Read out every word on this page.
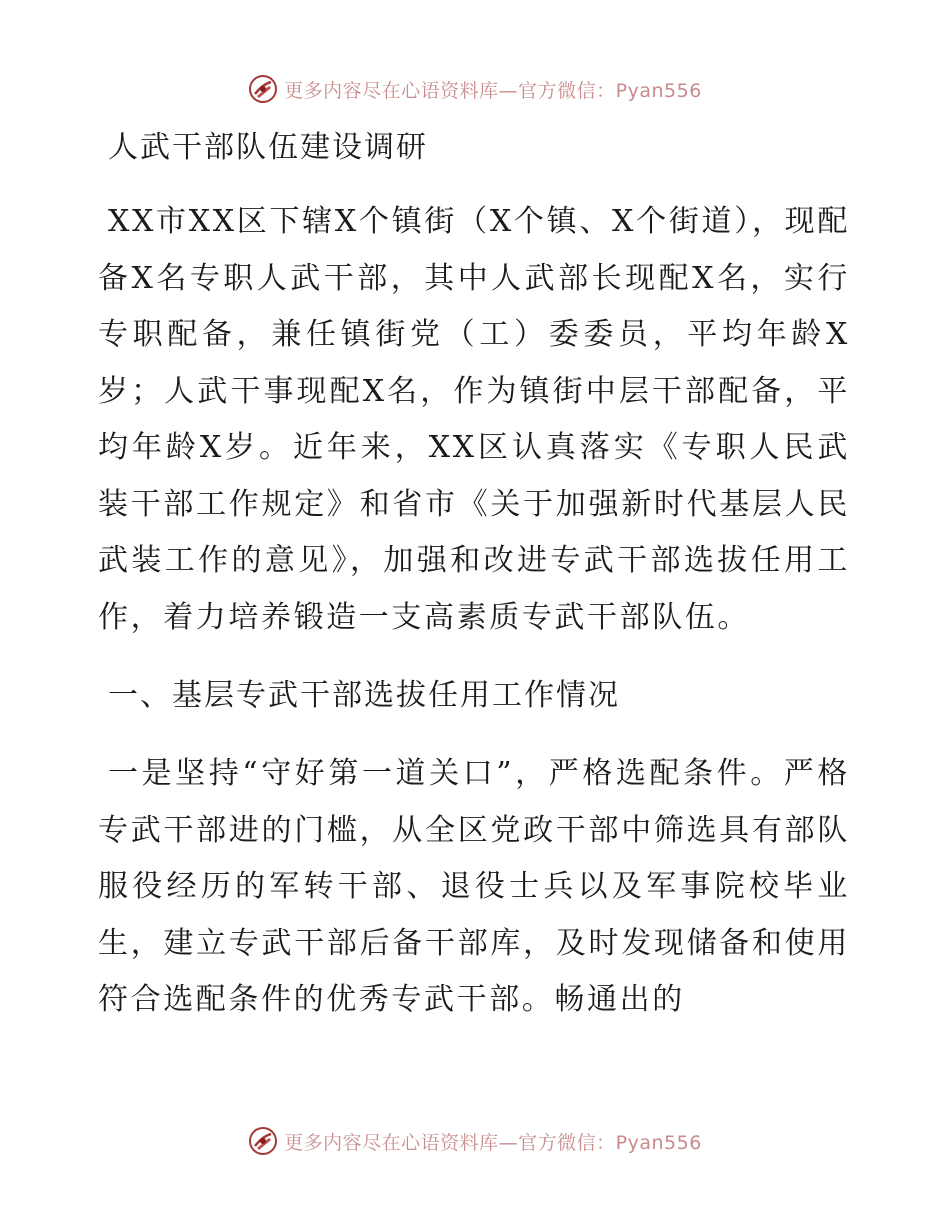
更多内容尽在心语资料库—官方微信：Pyan556
人武干部队伍建设调研

XX市XX区下辖X个镇街（X个镇、X个街道），现配备X名专职人武干部，其中人武部长现配X名，实行专职配备，兼任镇街党（工）委委员，平均年龄X岁；人武干事现配X名，作为镇街中层干部配备，平均年龄X岁。近年来，XX区认真落实《专职人民武装干部工作规定》和省市《关于加强新时代基层人民武装工作的意见》，加强和改进专武干部选拔任用工作，着力培养锻造一支高素质专武干部队伍。

一、基层专武干部选拔任用工作情况

一是坚持“守好第一道关口”，严格选配条件。严格专武干部进的门槛，从全区党政干部中筛选具有部队服役经历的军转干部、退役士兵以及军事院校毕业生，建立专武干部后备干部库，及时发现储备和使用符合选配条件的优秀专武干部。畅通出的

更多内容尽在心语资料库—官方微信：Pyan556
